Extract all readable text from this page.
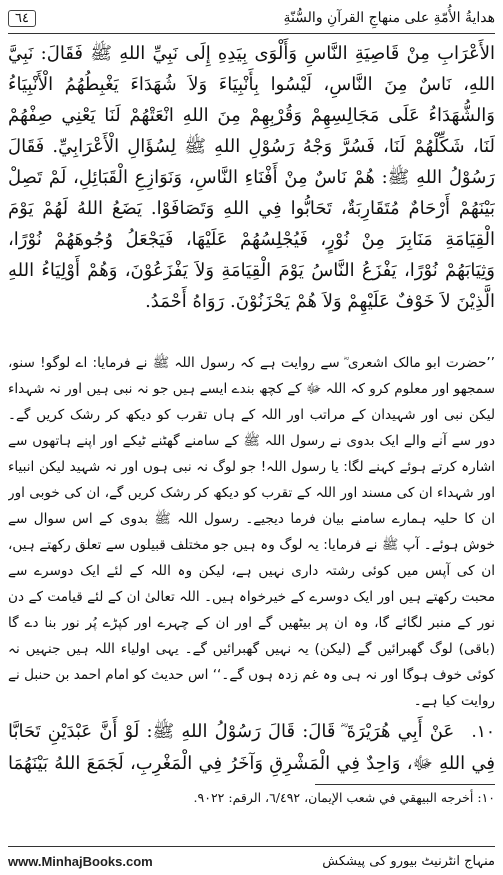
٦٤	هدايةُ الأُمّةِ على منهاجِ القرآنِ والسُّنّةِ
الأَعْرَابِ مِنْ قَاصِيَةِ النَّاسِ وَأَلْوَى بِيَدِهِ إِلَى نَبِيِّ اللهِ ﷺ فَقَالَ: نَبِيَّ اللهِ، نَاسٌ مِنَ النَّاسِ، لَيْسُوا بِأَنْبِيَاءَ وَلاَ شُهَدَاءَ يَغْبِطُهُمُ الْأَنْبِيَاءُ وَالشُّهَدَاءُ عَلَى مَجَالِسِهِمْ وَقُرْبِهِمْ مِنَ اللهِ انْعَتْهُمْ لَنَا يَعْنِي صِفْهُمْ لَنَا، شَكِّلْهُمْ لَنَا، فَسُرَّ وَجْهُ رَسُوْلِ اللهِ ﷺ لِسُؤَالِ الْأَعْرَابِيِّ. فَقَالَ رَسُوْلُ اللهِ ﷺ: هُمْ نَاسٌ مِنْ أَفْنَاءِ النَّاسِ، وَنَوَازِعِ الْقَبَائِلِ، لَمْ تَصِلْ بَيْنَهُمْ أَرْحَامٌ مُتَقَارِبَةٌ، تَحَابُّوا فِي اللهِ وَتَصَافَوْا. يَضَعُ اللهُ لَهُمْ يَوْمَ الْقِيَامَةِ مَنَابِرَ مِنْ نُوْرٍ، فَيُجْلِسُهُمْ عَلَيْهَا، فَيَجْعَلُ وُجُوهَهُمْ نُوْرًا، وَثِيَابَهُمْ نُوْرًا، يَفْزَعُ النَّاسُ يَوْمَ الْقِيَامَةِ وَلاَ يَفْزَعُوْنَ، وَهُمْ أَوْلِيَاءُ اللهِ الَّذِيْنَ لاَ خَوْفٌ عَلَيْهِمْ وَلاَ هُمْ يَحْزَنُوْنَ. رَوَاهُ أَحْمَدُ.
’’حضرت ابو مالک اشعری ؓ سے روایت ہے کہ رسول اللہ ﷺ نے فرمایا: اے لوگو! سنو، سمجھو اور معلوم کرو کہ اللہ ﷻ کے کچھ بندے ایسے ہیں جو نہ نبی ہیں اور نہ شہداء لیکن نبی اور شہیدان کے مراتب اور اللہ کے ہاں تقرب کو دیکھ کر رشک کریں گے۔ دور سے آنے والے ایک بدوی نے رسول اللہ ﷺ کے سامنے گھٹنے ٹیکے اور اپنے ہاتھوں سے اشارہ کرتے ہوئے کہنے لگا: یا رسول اللہ! جو لوگ نہ نبی ہوں اور نہ شہید لیکن انبیاء اور شہداء ان کی مسند اور اللہ کے تقرب کو دیکھ کر رشک کریں گے، ان کی خوبی اور ان کا حلیہ ہمارے سامنے بیان فرما دیجیے۔ رسول اللہ ﷺ بدوی کے اس سوال سے خوش ہوئے۔ آپ ﷺ نے فرمایا: یہ لوگ وہ ہیں جو مختلف قبیلوں سے تعلق رکھتے ہیں، ان کی آپس میں کوئی رشتہ داری نہیں ہے، لیکن وہ اللہ کے لئے ایک دوسرے سے محبت رکھتے ہیں اور ایک دوسرے کے خیرخواہ ہیں۔ اللہ تعالیٰ ان کے لئے قیامت کے دن نور کے منبر لگائے گا، وہ ان پر بیٹھیں گے اور ان کے چہرے اور کپڑے پُر نور بنا دے گا (باقی) لوگ گھبرائیں گے (لیکن) یہ نہیں گھبرائیں گے۔ یہی اولیاء اللہ ہیں جنہیں نہ کوئی خوف ہوگا اور نہ ہی وہ غم زدہ ہوں گے۔‘‘ اس حدیث کو امام احمد بن حنبل نے روایت کیا ہے۔
١٠. عَنْ أَبِي هُرَيْرَةَ ؓ قَالَ: قَالَ رَسُوْلُ اللهِ ﷺ: لَوْ أَنَّ عَبْدَيْنِ تَحَابَّا فِي اللهِ ﷻ، وَاحِدٌ فِي الْمَشْرِقِ وَآخَرُ فِي الْمَغْرِبِ، لَجَمَعَ اللهُ بَيْنَهُمَا
١٠: أخرجه البيهقي في شعب الإيمان، ٦/٤٩٢، الرقم: ٩٠٢٢.
www.MinhajBooks.com	منہاج انٹرنیٹ بیورو کی پیشکش
